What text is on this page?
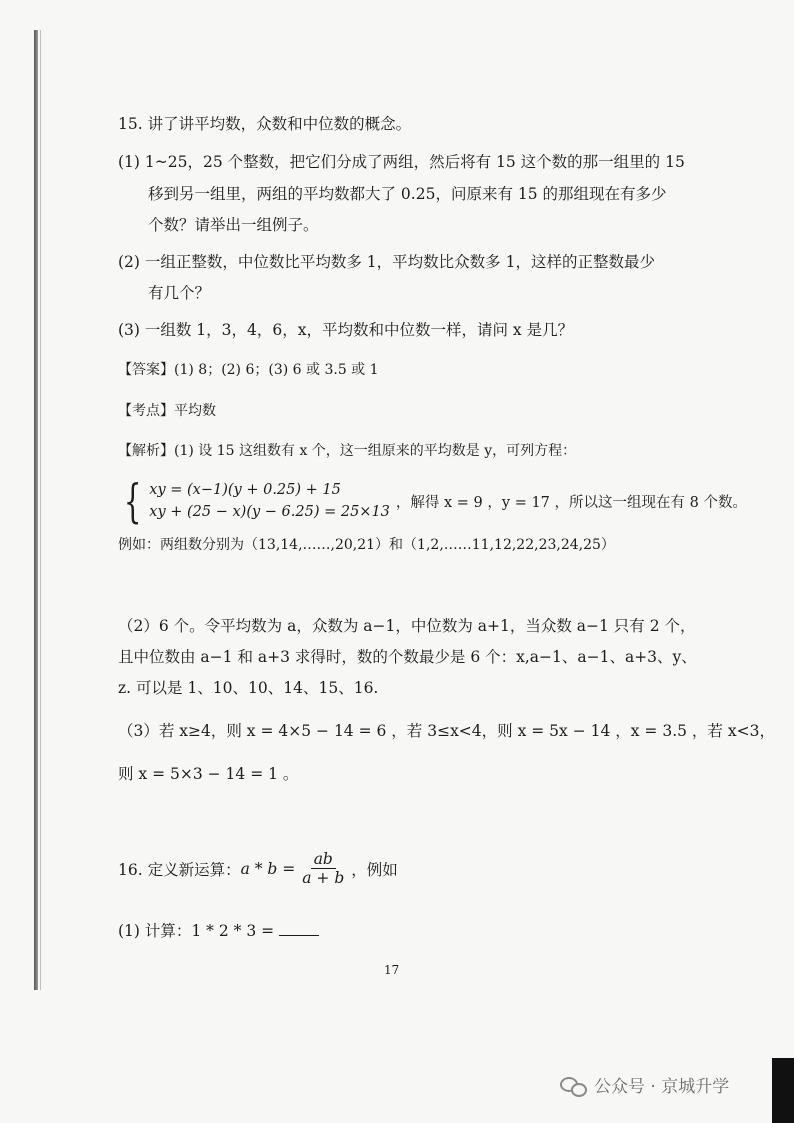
15. 讲了讲平均数，众数和中位数的概念。
(1) 1~25，25 个整数，把它们分成了两组，然后将有 15 这个数的那一组里的 15
移到另一组里，两组的平均数都大了 0.25，问原来有 15 的那组现在有多少
个数？请举出一组例子。
(2) 一组正整数，中位数比平均数多 1，平均数比众数多 1，这样的正整数最少
有几个？
(3) 一组数 1，3，4，6，x，平均数和中位数一样，请问 x 是几？
【答案】(1) 8；(2) 6；(3) 6 或 3.5 或 1
【考点】平均数
【解析】(1) 设 15 这组数有 x 个，这一组原来的平均数是 y，可列方程：
{ xy = (x−1)(y + 0.25) + 15
xy + (25 − x)(y − 6.25) = 25×13
，解得 x = 9 ，y = 17 ，所以这一组现在有 8 个数。
例如：两组数分别为（13,14,……,20,21）和（1,2,……11,12,22,23,24,25）
（2）6 个。令平均数为 a，众数为 a−1，中位数为 a+1，当众数 a−1 只有 2 个，
且中位数由 a−1 和 a+3 求得时，数的个数最少是 6 个：x,a−1、a−1、a+3、y、
z. 可以是 1、10、10、14、15、16.
（3）若 x≥4，则 x = 4×5 − 14 = 6 ，若 3≤x<4，则 x = 5x − 14 ，x = 3.5 ，若 x<3，
则 x = 5×3 − 14 = 1 。
16. 定义新运算： $a * b = \frac{ab}{a + b}$ ，例如
(1) 计算：1 * 2 * 3 =
17
公众号 · 京城升学
